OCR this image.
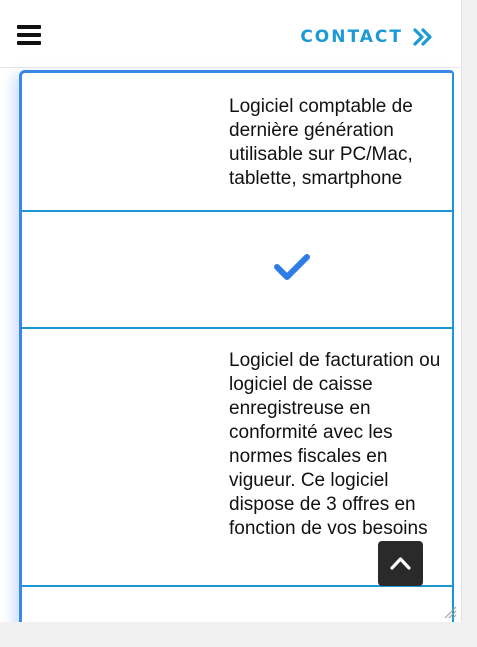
CONTACT
Logiciel comptable de dernière génération utilisable sur PC/Mac, tablette, smartphone
Logiciel de facturation ou logiciel de caisse enregistreuse en conformité avec les normes fiscales en vigueur. Ce logiciel dispose de 3 offres en fonction de vos besoins
